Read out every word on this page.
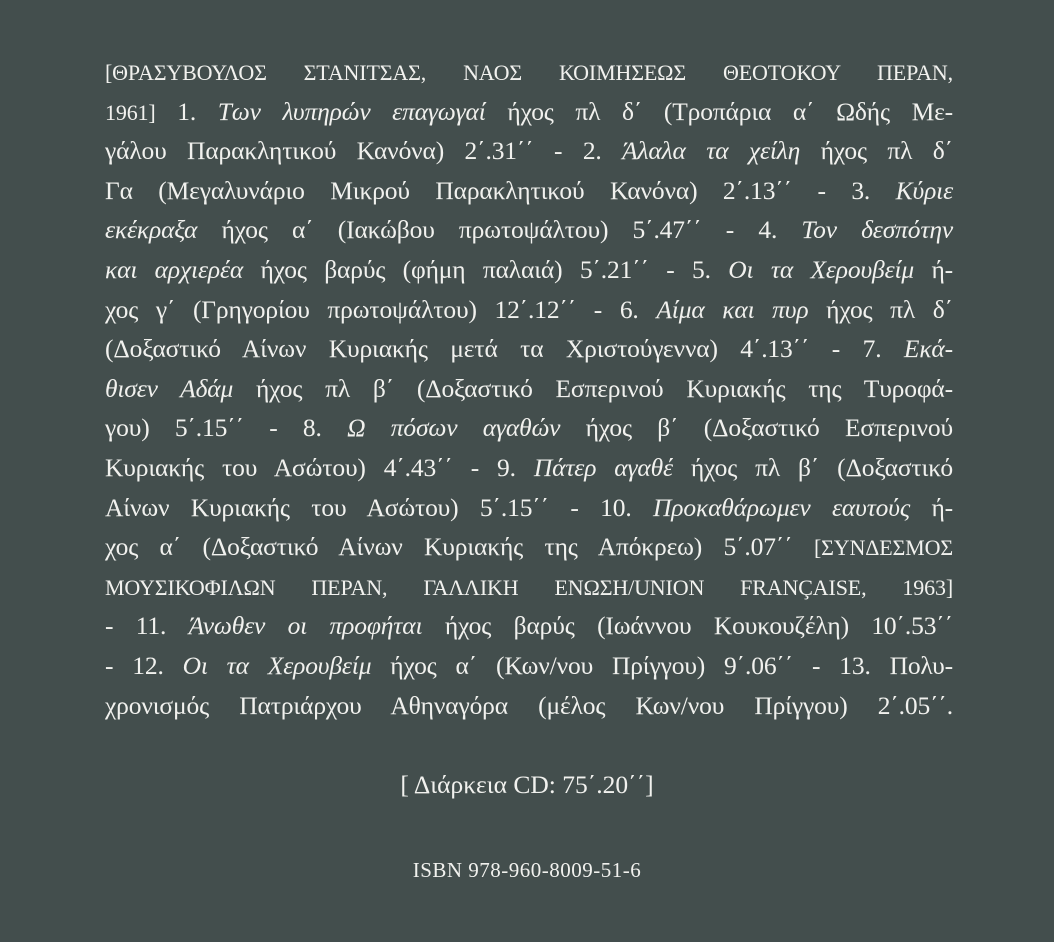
[ΘΡΑΣΥΒΟΥΛΟΣ ΣΤΑΝΙΤΣΑΣ, ΝΑΟΣ ΚΟΙΜΗΣΕΩΣ ΘΕΟΤΟΚΟΥ ΠΕΡΑΝ,
1961] 1. Των λυπηρών επαγωγαί ήχος πλ δ΄ (Τροπάρια α΄ Ωδής Με-
γάλου Παρακλητικού Κανόνα) 2΄.31΄΄ - 2. Άλαλα τα χείλη ήχος πλ δ΄
Γα (Μεγαλυνάριο Μικρού Παρακλητικού Κανόνα) 2΄.13΄΄ - 3. Κύριε
εκέκραξα ήχος α΄ (Ιακώβου πρωτοψάλτου) 5΄.47΄΄ - 4. Τον δεσπότην
και αρχιερέα ήχος βαρύς (φήμη παλαιά) 5΄.21΄΄ - 5. Οι τα Χερουβείμ ή-
χος γ΄ (Γρηγορίου πρωτοψάλτου) 12΄.12΄΄ - 6. Αίμα και πυρ ήχος πλ δ΄
(Δοξαστικό Αίνων Κυριακής μετά τα Χριστούγεννα) 4΄.13΄΄ - 7. Εκά-
θισεν Αδάμ ήχος πλ β΄ (Δοξαστικό Εσπερινού Κυριακής της Τυροφά-
γου) 5΄.15΄΄ - 8. Ω πόσων αγαθών ήχος β΄ (Δοξαστικό Εσπερινού
Κυριακής του Ασώτου) 4΄.43΄΄ - 9. Πάτερ αγαθέ ήχος πλ β΄ (Δοξαστικό
Αίνων Κυριακής του Ασώτου) 5΄.15΄΄ - 10. Προκαθάρωμεν εαυτούς ή-
χος α΄ (Δοξαστικό Αίνων Κυριακής της Απόκρεω) 5΄.07΄΄ [ΣΥΝΔΕΣΜΟΣ
ΜΟΥΣΙΚΟΦΙΛΩΝ ΠΕΡΑΝ, ΓΑΛΛΙΚΗ ΕΝΩΣΗ/UNION FRANÇAISE, 1963]
- 11. Άνωθεν οι προφήται ήχος βαρύς (Ιωάννου Κουκουζέλη) 10΄.53΄΄
- 12. Οι τα Χερουβείμ ήχος α΄ (Κων/νου Πρίγγου) 9΄.06΄΄ - 13. Πολυ-
χρονισμός Πατριάρχου Αθηναγόρα (μέλος Κων/νου Πρίγγου) 2΄.05΄΄.
[ Διάρκεια CD: 75΄.20΄΄]
ISBN 978-960-8009-51-6
